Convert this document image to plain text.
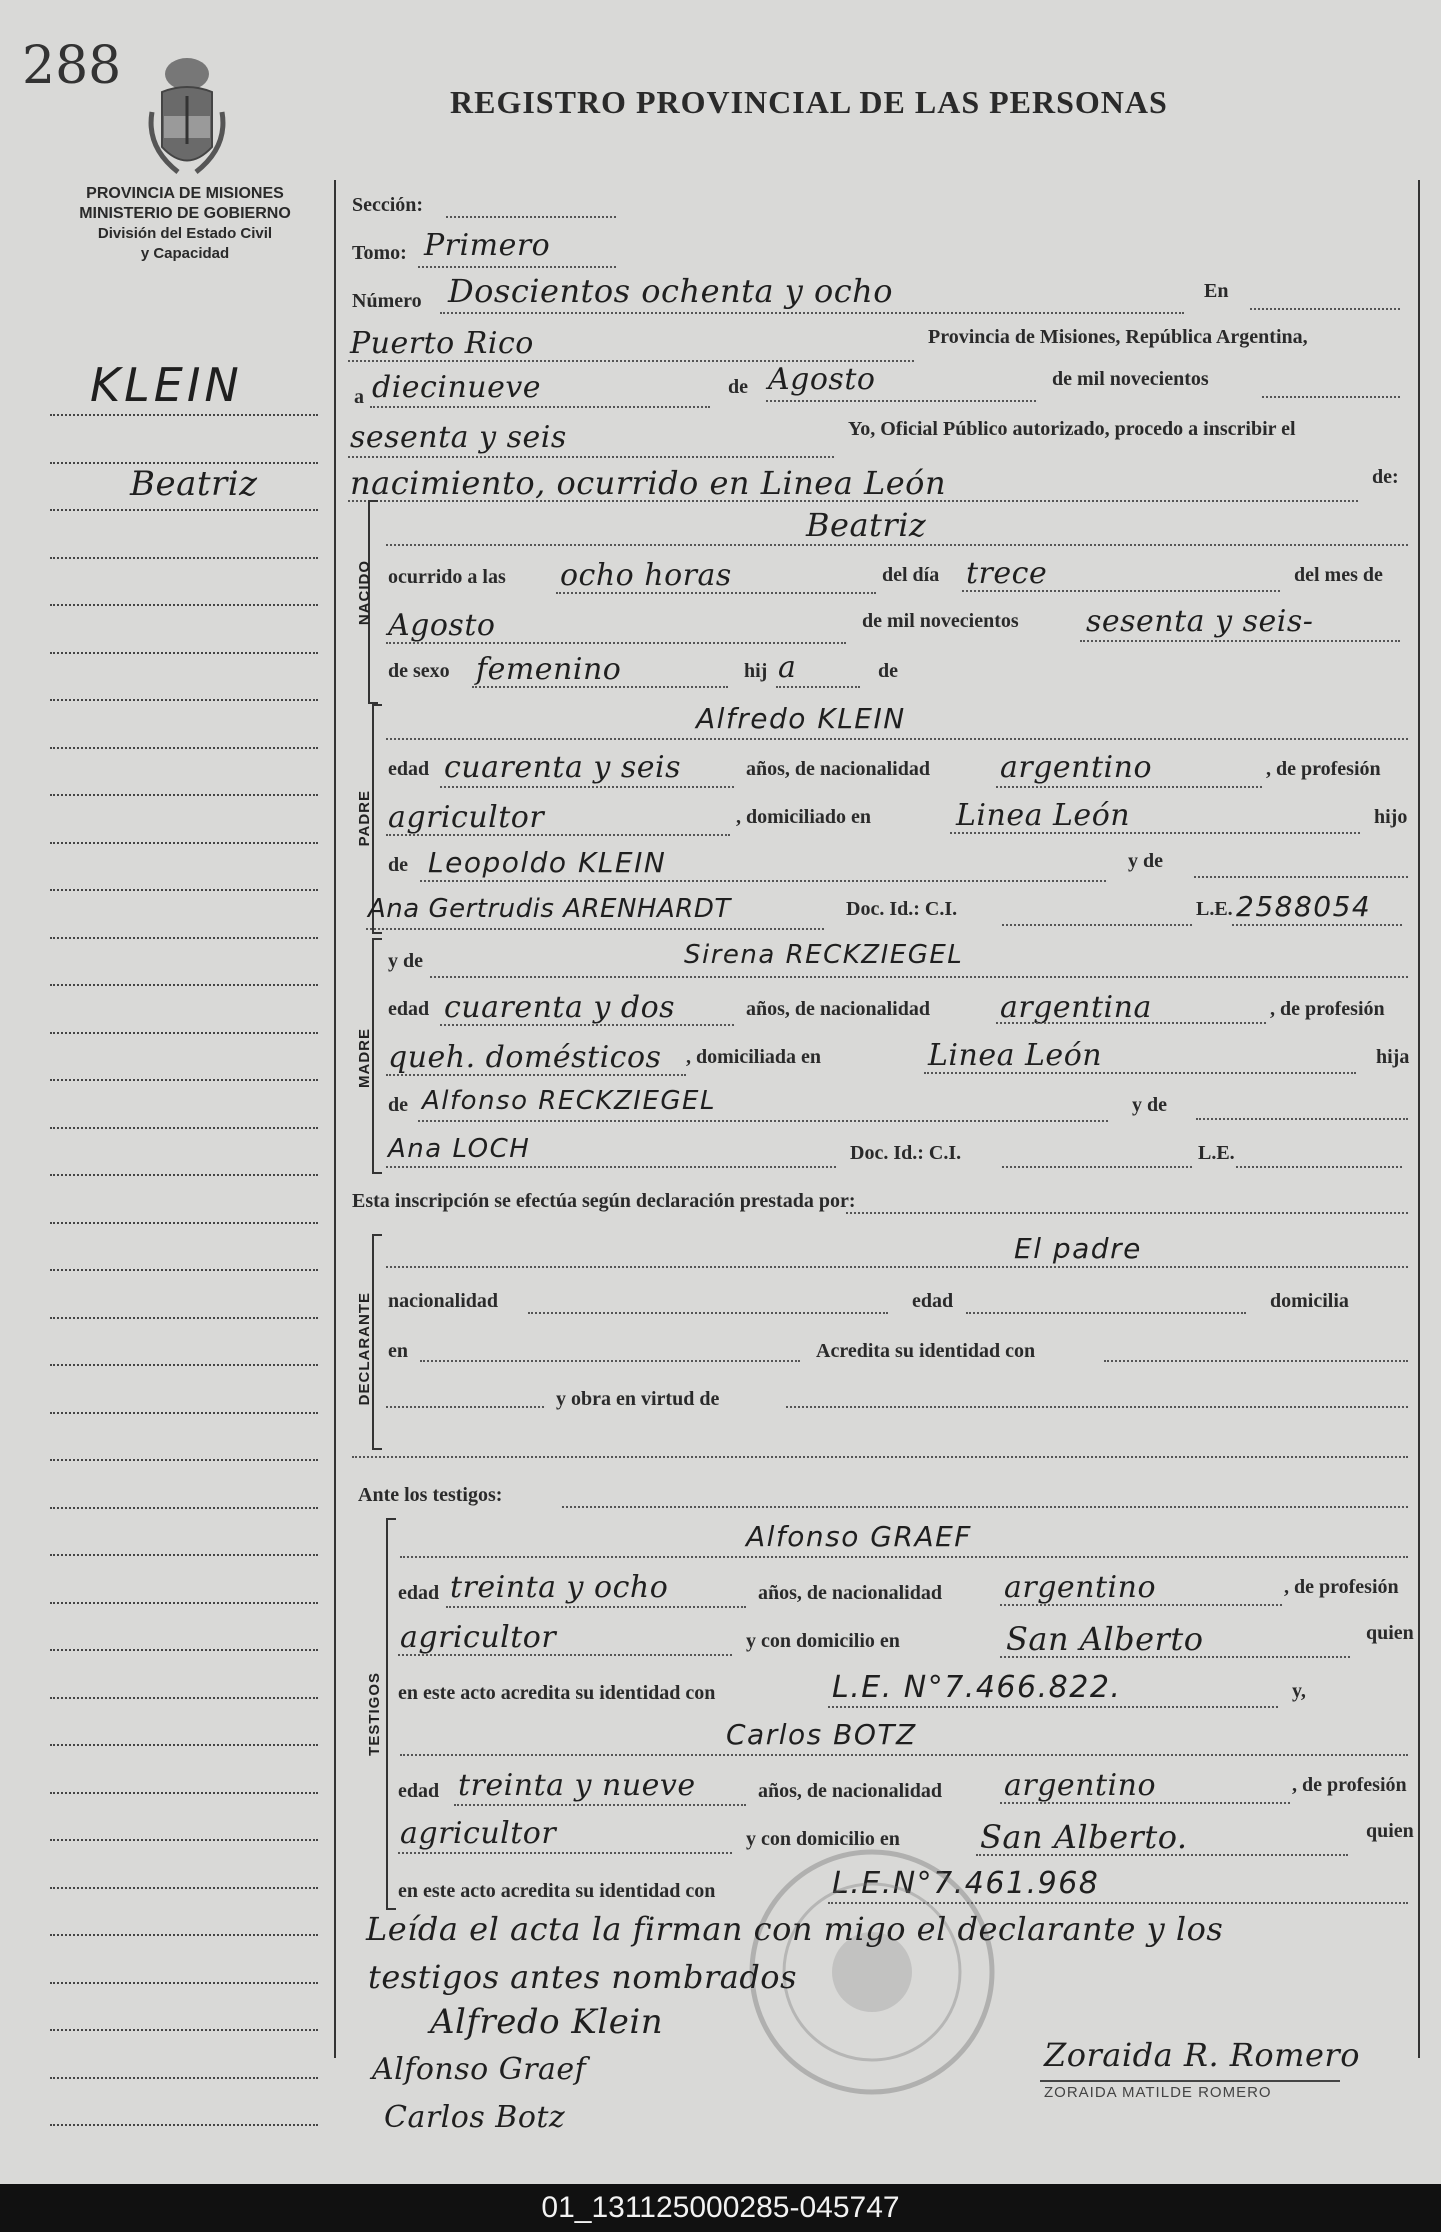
288
REGISTRO PROVINCIAL DE LAS PERSONAS
PROVINCIA DE MISIONES
MINISTERIO DE GOBIERNO
División del Estado Civil
y Capacidad
KLEIN
Beatriz
Sección:
Tomo: Primero
Número Doscientos ochenta y ocho	En
Puerto Rico	Provincia de Misiones, República Argentina,
a diecinueve	de Agosto	de mil novecientos
sesenta y seis	Yo, Oficial Público autorizado, procedo a inscribir el
nacimiento, ocurrido en Linea León	de:
NACIDO
Beatriz
ocurrido a las ocho horas	del día trece	del mes de
Agosto	de mil novecientos sesenta y seis-
de sexo femenino	hij a	de
PADRE
Alfredo KLEIN
edad cuarenta y seis	años, de nacionalidad argentino	, de profesión
agricultor	, domiciliado en	Linea León	hijo
de Leopoldo KLEIN	y de
Ana Gertrudis ARENHARDT	Doc. Id.: C.I.	L.E. 2588054
MADRE
y de	Sirena RECKZIEGEL
edad cuarenta y dos	años, de nacionalidad argentina	, de profesión
queh. domésticos , domiciliada en	Linea León	hija
de Alfonso RECKZIEGEL	y de
Ana LOCH	Doc. Id.: C.I.	L.E.
Esta inscripción se efectúa según declaración prestada por:
DECLARANTE
El padre
nacionalidad	edad	domicilia
en	Acredita su identidad con
y obra en virtud de
Ante los testigos:
TESTIGOS
Alfonso GRAEF
edad treinta y ocho	años, de nacionalidad argentino	, de profesión
agricultor	y con domicilio en	San Alberto	quien
en este acto acredita su identidad con	L.E. N°7.466.822.	y,
Carlos BOTZ
edad treinta y nueve	años, de nacionalidad argentino	, de profesión
agricultor	y con domicilio en	San Alberto.	quien
en este acto acredita su identidad con	L.E.N°7.461.968
Leída el acta la firman con migo el declarante y los
testigos antes nombrados
Alfredo Klein
Alfonso Graef
Carlos Botz
Zoraida R. Romero
ZORAIDA MATILDE ROMERO
01_131125000285-045747
